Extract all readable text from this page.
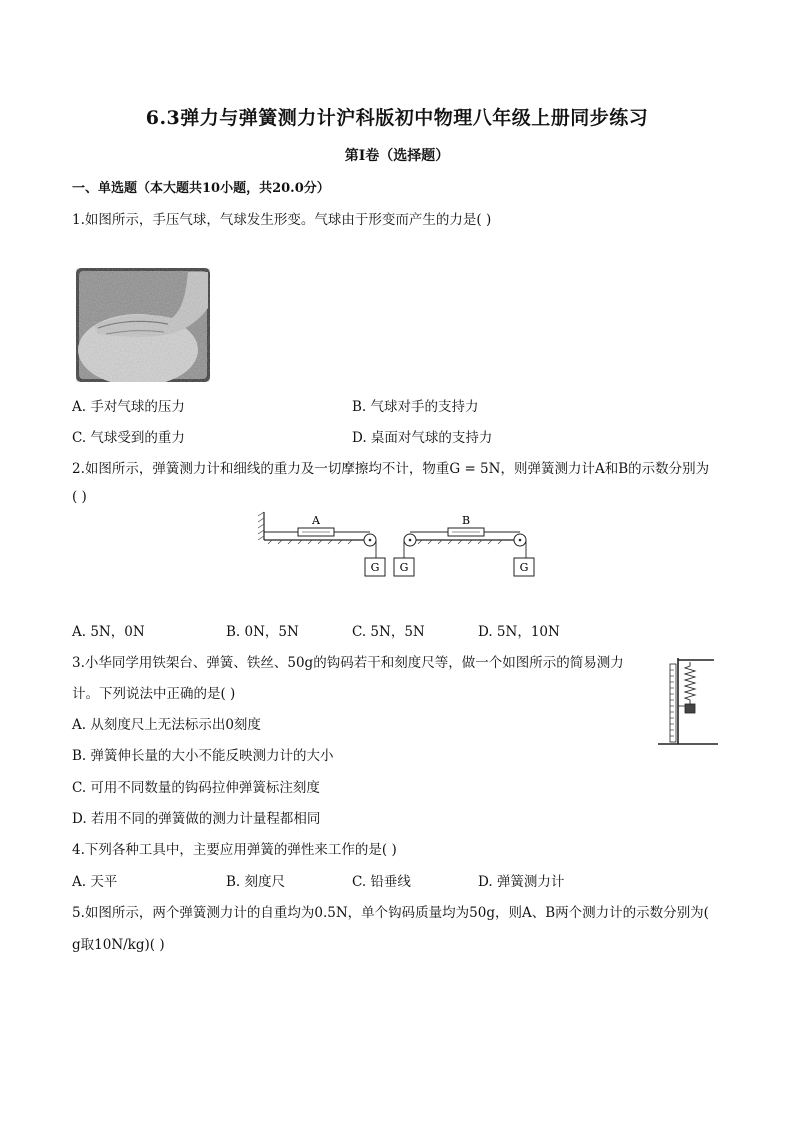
6.3弹力与弹簧测力计沪科版初中物理八年级上册同步练习
第I卷（选择题）
一、单选题（本大题共10小题，共20.0分）
1.如图所示，手压气球，气球发生形变。气球由于形变而产生的力是( )
A. 手对气球的压力	B. 气球对手的支持力
C. 气球受到的重力	D. 桌面对气球的支持力
2.如图所示，弹簧测力计和细线的重力及一切摩擦均不计，物重G = 5N，则弹簧测力计A和B的示数分别为
( )
G
A
G	G
B
A. 5N，0N	B. 0N，5N	C. 5N，5N	D. 5N，10N
3.小华同学用铁架台、弹簧、铁丝、50g的钩码若干和刻度尺等，做一个如图所示的简易测力
计。下列说法中正确的是( )
A. 从刻度尺上无法标示出0刻度
B. 弹簧伸长量的大小不能反映测力计的大小
C. 可用不同数量的钩码拉伸弹簧标注刻度
D. 若用不同的弹簧做的测力计量程都相同
4.下列各种工具中，主要应用弹簧的弹性来工作的是( )
A. 天平	B. 刻度尺	C. 铅垂线	D. 弹簧测力计
5.如图所示，两个弹簧测力计的自重均为0.5N，单个钩码质量均为50g，则A、B两个测力计的示数分别为(
g取10N/kg)( )
